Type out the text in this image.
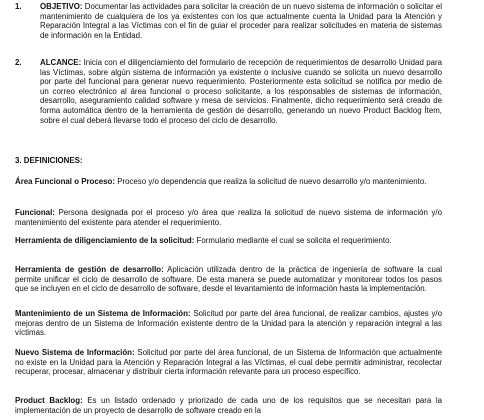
1. OBJETIVO: Documentar las actividades para solicitar la creación de un nuevo sistema de información o solicitar el mantenimiento de cualquiera de los ya existentes con los que actualmente cuenta la Unidad para la Atención y Reparación Integral a las Víctimas con el fin de guiar el proceder para realizar solicitudes en materia de sistemas de información en la Entidad.
2. ALCANCE: Inicia con el diligenciamiento del formulario de recepción de requerimientos de desarrollo Unidad para las Víctimas, sobre algún sistema de información ya existente o inclusive cuando se solicita un nuevo desarrollo por parte del funcional para generar nuevo requerimiento. Posteriormente esta solicitud se notifica por medio de un correo electrónico al área funcional o proceso solicitante, a los responsables de sistemas de información, desarrollo, aseguramiento calidad software y mesa de servicios. Finalmente, dicho requerimiento será creado de forma automática dentro de la herramienta de gestión de desarrollo, generando un nuevo Product Backlog Ítem, sobre el cual deberá llevarse todo el proceso del ciclo de desarrollo.
3. DEFINICIONES:
Área Funcional o Proceso: Proceso y/o dependencia que realiza la solicitud de nuevo desarrollo y/o mantenimiento.
Funcional: Persona designada por el proceso y/o área que realiza la solicitud de nuevo sistema de información y/o mantenimiento del existente para atender el requerimiento.
Herramienta de diligenciamiento de la solicitud: Formulario mediante el cual se solicita el requerimiento.
Herramienta de gestión de desarrollo: Aplicación utilizada dentro de la práctica de ingeniería de software la cual permite unificar el ciclo de desarrollo de software. De esta manera se puede automatizar y monitorear todos los pasos que se incluyen en el ciclo de desarrollo de software, desde el levantamiento de información hasta la implementación.
Mantenimiento de un Sistema de Información: Solicitud por parte del área funcional, de realizar cambios, ajustes y/o mejoras dentro de un Sistema de Información existente dentro de la Unidad para la atención y reparación integral a las víctimas.
Nuevo Sistema de Información: Solicitud por parte del área funcional, de un Sistema de Información que actualmente no existe en la Unidad para la Atención y Reparación Integral a las Víctimas, el cual debe permitir administrar, recolectar recuperar, procesar, almacenar y distribuir cierta información relevante para un proceso específico.
Product Backlog: Es un listado ordenado y priorizado de cada uno de los requisitos que se necesitan para la implementación de un proyecto de desarrollo de software creado en la
